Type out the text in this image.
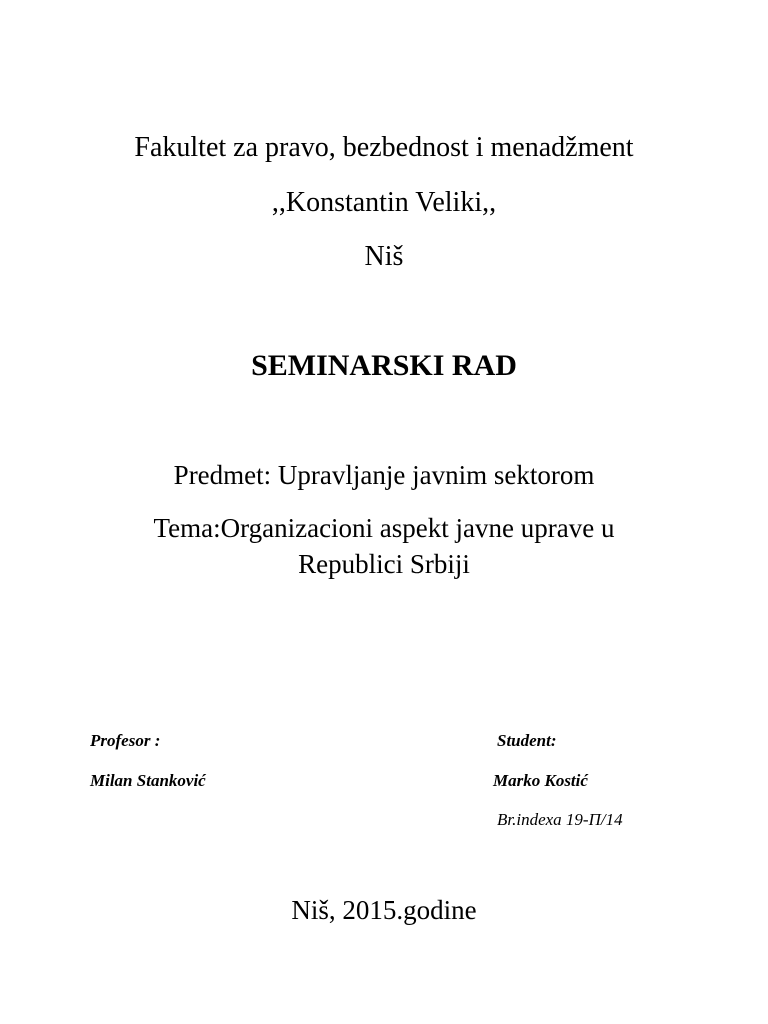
Fakultet za pravo, bezbednost i menadžment
,,Konstantin Veliki,,
Niš
SEMINARSKI RAD
Predmet: Upravljanje javnim sektorom
Tema:Organizacioni aspekt javne uprave u
Republici Srbiji
Profesor :
Milan Stanković
Student:
Marko Kostić
Br.indexa 19-Π/14
Niš, 2015.godine
